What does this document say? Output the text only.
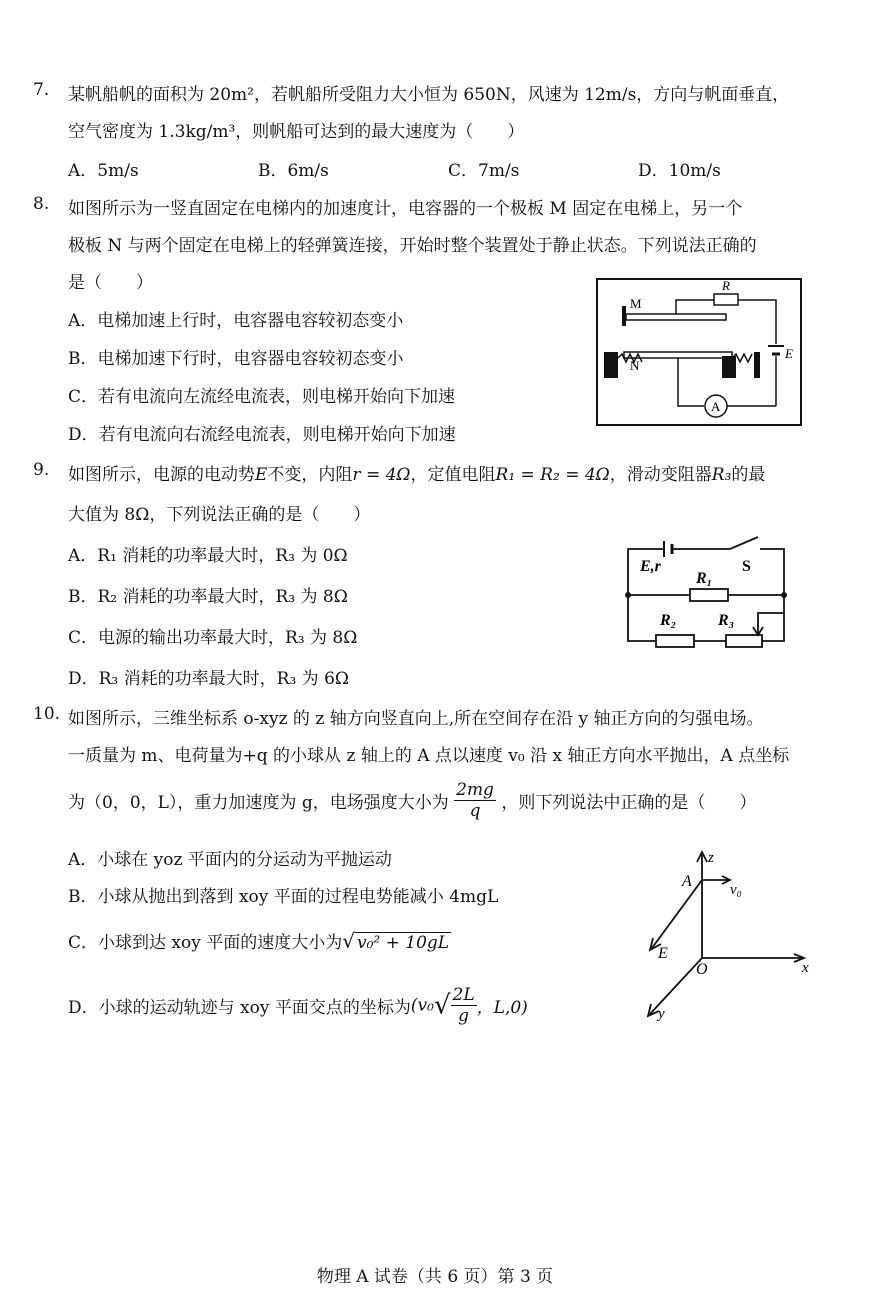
7. 某帆船帆的面积为 20m²，若帆船所受阻力大小恒为 650N，风速为 12m/s，方向与帆面垂直，
空气密度为 1.3kg/m³，则帆船可达到的最大速度为（　　）
A．5m/s	B．6m/s	C．7m/s	D．10m/s
8. 如图所示为一竖直固定在电梯内的加速度计，电容器的一个极板 M 固定在电梯上，另一个
极板 N 与两个固定在电梯上的轻弹簧连接，开始时整个装置处于静止状态。下列说法正确的
是（　　）
A．电梯加速上行时，电容器电容较初态变小
B．电梯加速下行时，电容器电容较初态变小
C．若有电流向左流经电流表，则电梯开始向下加速
D．若有电流向右流经电流表，则电梯开始向下加速
M
R
E
N
A
9. 如图所示，电源的电动势E不变，内阻r = 4Ω，定值电阻R₁ = R₂ = 4Ω，滑动变阻器R₃的最
大值为 8Ω，下列说法正确的是（　　）
A．R₁ 消耗的功率最大时，R₃ 为 0Ω
B．R₂ 消耗的功率最大时，R₃ 为 8Ω
C．电源的输出功率最大时，R₃ 为 8Ω
D．R₃ 消耗的功率最大时，R₃ 为 6Ω
E,r	S
R₁
R₂	R₃
10. 如图所示，三维坐标系 o-xyz 的 z 轴方向竖直向上,所在空间存在沿 y 轴正方向的匀强电场。
一质量为 m、电荷量为+q 的小球从 z 轴上的 A 点以速度 v₀ 沿 x 轴正方向水平抛出，A 点坐标
为（0，0，L），重力加速度为 g，电场强度大小为 $\frac{2mg}{q}$ ，则下列说法中正确的是（　　）
A．小球在 yoz 平面内的分运动为平抛运动
B．小球从抛出到落到 xoy 平面的过程电势能减小 4mgL
C．小球到达 xoy 平面的速度大小为√ v₀² + 10gL
D．小球的运动轨迹与 xoy 平面交点的坐标为($v_0√ \frac{2L}{g}$ ，L,0)
z
A	v₀
x
O
y
E
物理 A 试卷（共 6 页）第 3 页
